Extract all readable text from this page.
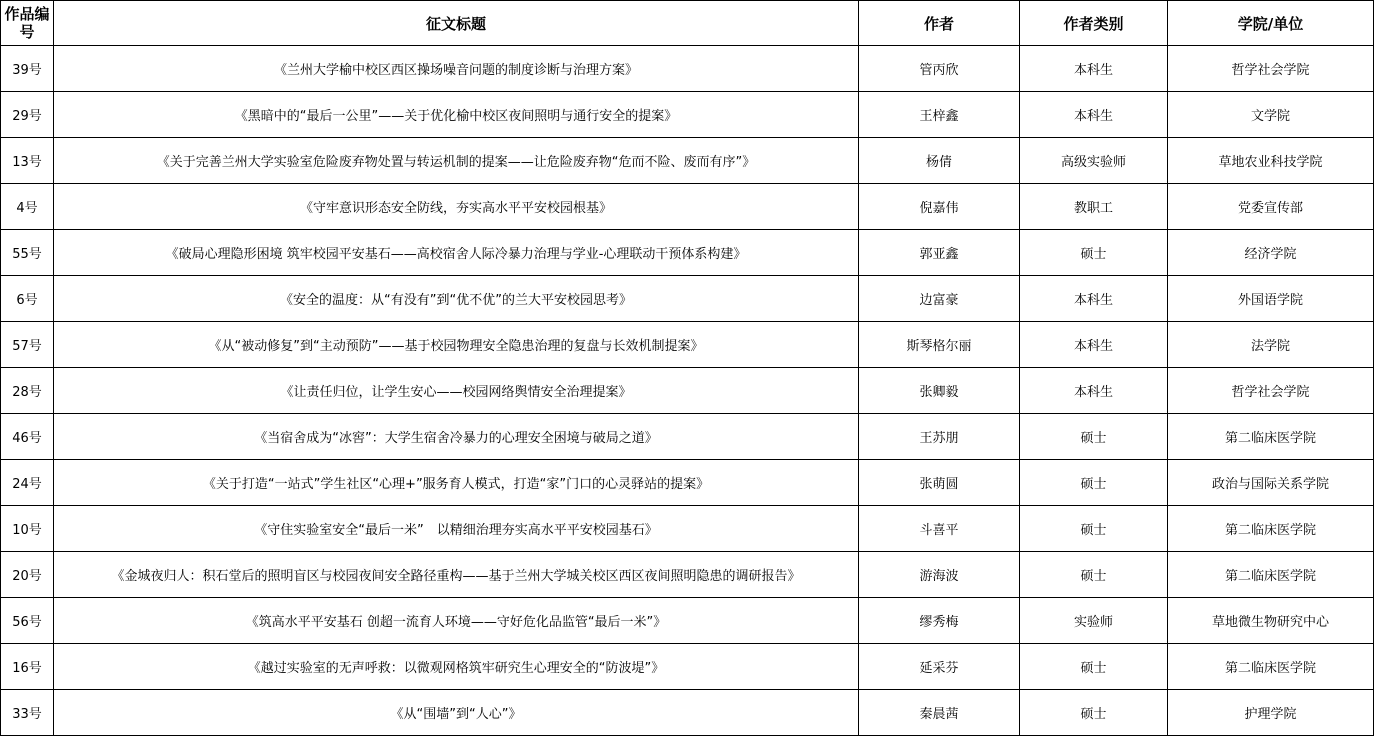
作品编号	征文标题	作者	作者类别	学院/单位
39号	《兰州大学榆中校区西区操场噪音问题的制度诊断与治理方案》	管丙欣	本科生	哲学社会学院
29号	《黑暗中的“最后一公里”——关于优化榆中校区夜间照明与通行安全的提案》	王梓鑫	本科生	文学院
13号	《关于完善兰州大学实验室危险废弃物处置与转运机制的提案——让危险废弃物“危而不险、废而有序”》	杨倩	高级实验师	草地农业科技学院
4号	《守牢意识形态安全防线，夯实高水平平安校园根基》	倪嘉伟	教职工	党委宣传部
55号	《破局心理隐形困境 筑牢校园平安基石——高校宿舍人际冷暴力治理与学业-心理联动干预体系构建》	郭亚鑫	硕士	经济学院
6号	《安全的温度：从“有没有”到“优不优”的兰大平安校园思考》	边富豪	本科生	外国语学院
57号	《从“被动修复”到“主动预防”——基于校园物理安全隐患治理的复盘与长效机制提案》	斯琴格尔丽	本科生	法学院
28号	《让责任归位，让学生安心——校园网络舆情安全治理提案》	张卿毅	本科生	哲学社会学院
46号	《当宿舍成为“冰窖”：大学生宿舍冷暴力的心理安全困境与破局之道》	王苏朋	硕士	第二临床医学院
24号	《关于打造“一站式”学生社区“心理+”服务育人模式，打造“家”门口的心灵驿站的提案》	张萌圆	硕士	政治与国际关系学院
10号	《守住实验室安全“最后一米”　以精细治理夯实高水平平安校园基石》	斗喜平	硕士	第二临床医学院
20号	《金城夜归人：积石堂后的照明盲区与校园夜间安全路径重构——基于兰州大学城关校区西区夜间照明隐患的调研报告》	游海波	硕士	第二临床医学院
56号	《筑高水平平安基石 创超一流育人环境——守好危化品监管“最后一米”》	缪秀梅	实验师	草地微生物研究中心
16号	《越过实验室的无声呼救：以微观网格筑牢研究生心理安全的“防波堤”》	延采芬	硕士	第二临床医学院
33号	《从“围墙”到“人心”》	秦晨茜	硕士	护理学院
